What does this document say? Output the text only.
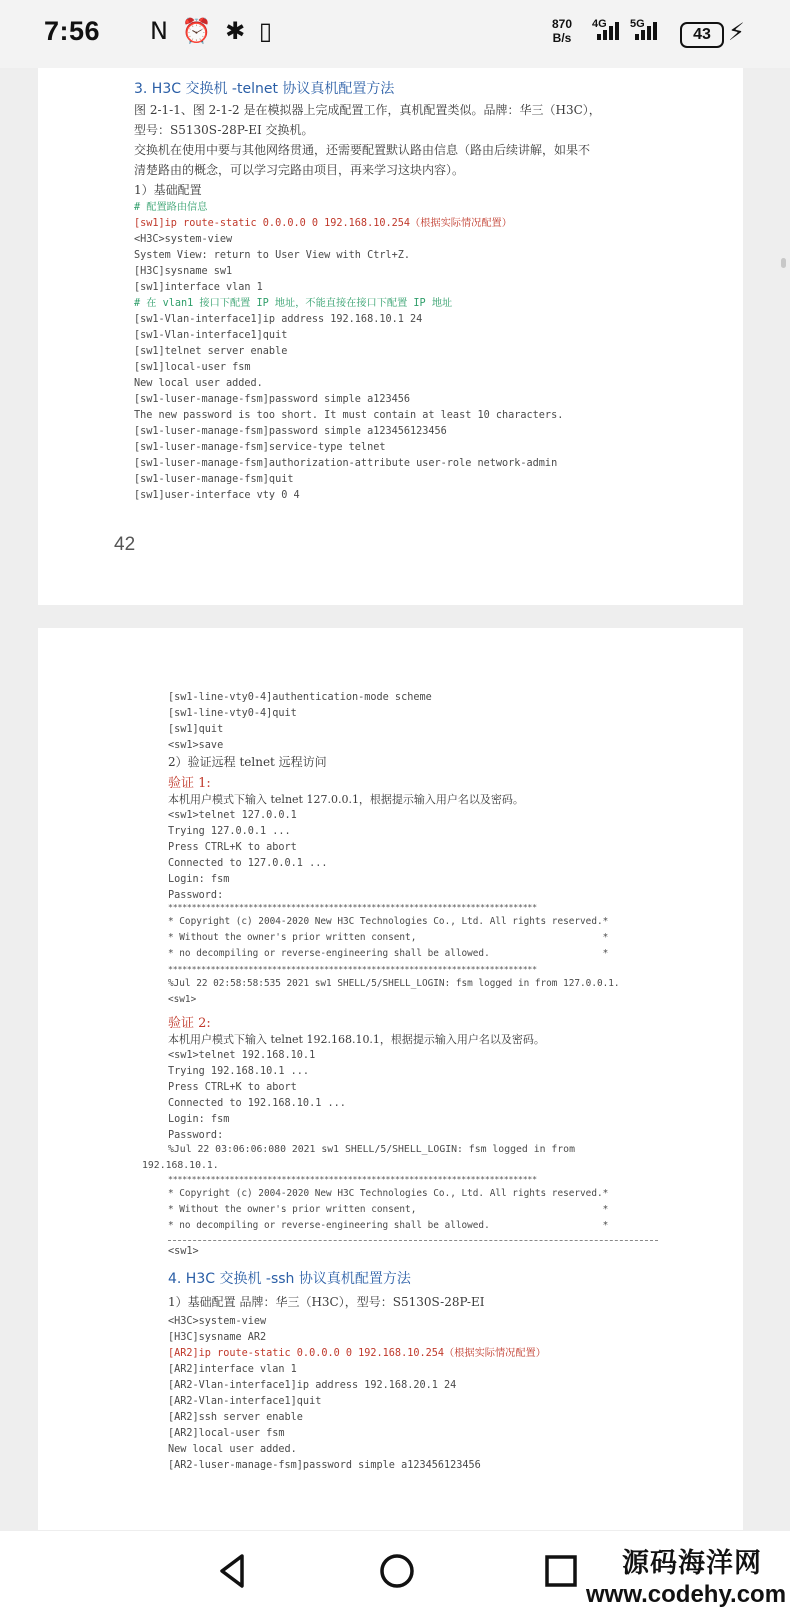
7:56 N ⏰ ✱ ▯	870
B/s
4G 5G
43 ⚡
3. H3C 交换机 -telnet 协议真机配置方法
图 2-1-1、图 2-1-2 是在模拟器上完成配置工作，真机配置类似。品牌：华三（H3C），
型号：S5130S-28P-EI 交换机。
交换机在使用中要与其他网络贯通，还需要配置默认路由信息（路由后续讲解，如果不
清楚路由的概念，可以学习完路由项目，再来学习这块内容）。
1）基础配置
# 配置路由信息
[sw1]ip route-static 0.0.0.0 0 192.168.10.254（根据实际情况配置）
<H3C>system-view
System View: return to User View with Ctrl+Z.
[H3C]sysname sw1
[sw1]interface vlan 1
# 在 vlan1 接口下配置 IP 地址，不能直接在接口下配置 IP 地址
[sw1-Vlan-interface1]ip address 192.168.10.1 24
[sw1-Vlan-interface1]quit
[sw1]telnet server enable
[sw1]local-user fsm
New local user added.
[sw1-luser-manage-fsm]password simple a123456
The new password is too short. It must contain at least 10 characters.
[sw1-luser-manage-fsm]password simple a123456123456
[sw1-luser-manage-fsm]service-type telnet
[sw1-luser-manage-fsm]authorization-attribute user-role network-admin
[sw1-luser-manage-fsm]quit
[sw1]user-interface vty 0 4
42
[sw1-line-vty0-4]authentication-mode scheme
[sw1-line-vty0-4]quit
[sw1]quit
<sw1>save
2）验证远程 telnet 远程访问
验证 1:
本机用户模式下输入 telnet 127.0.0.1，根据提示输入用户名以及密码。
<sw1>telnet 127.0.0.1
Trying 127.0.0.1 ...
Press CTRL+K to abort
Connected to 127.0.0.1 ...
Login: fsm
Password:
******************************************************************************
* Copyright (c) 2004-2020 New H3C Technologies Co., Ltd. All rights reserved.*
* Without the owner's prior written consent,                                 *
* no decompiling or reverse-engineering shall be allowed.                    *
******************************************************************************
%Jul 22 02:58:58:535 2021 sw1 SHELL/5/SHELL_LOGIN: fsm logged in from 127.0.0.1.
<sw1>
验证 2:
本机用户模式下输入 telnet 192.168.10.1，根据提示输入用户名以及密码。
<sw1>telnet 192.168.10.1
Trying 192.168.10.1 ...
Press CTRL+K to abort
Connected to 192.168.10.1 ...
Login: fsm
Password:
%Jul 22 03:06:06:080 2021 sw1 SHELL/5/SHELL_LOGIN: fsm logged in from
192.168.10.1.
******************************************************************************
* Copyright (c) 2004-2020 New H3C Technologies Co., Ltd. All rights reserved.*
* Without the owner's prior written consent,                                 *
* no decompiling or reverse-engineering shall be allowed.                    *
<sw1>
4. H3C 交换机 -ssh 协议真机配置方法
1）基础配置 品牌：华三（H3C），型号：S5130S-28P-EI
<H3C>system-view
[H3C]sysname AR2
[AR2]ip route-static 0.0.0.0 0 192.168.10.254（根据实际情况配置）
[AR2]interface vlan 1
[AR2-Vlan-interface1]ip address 192.168.20.1 24
[AR2-Vlan-interface1]quit
[AR2]ssh server enable
[AR2]local-user fsm
New local user added.
[AR2-luser-manage-fsm]password simple a123456123456
源码海洋网
www.codehy.com
